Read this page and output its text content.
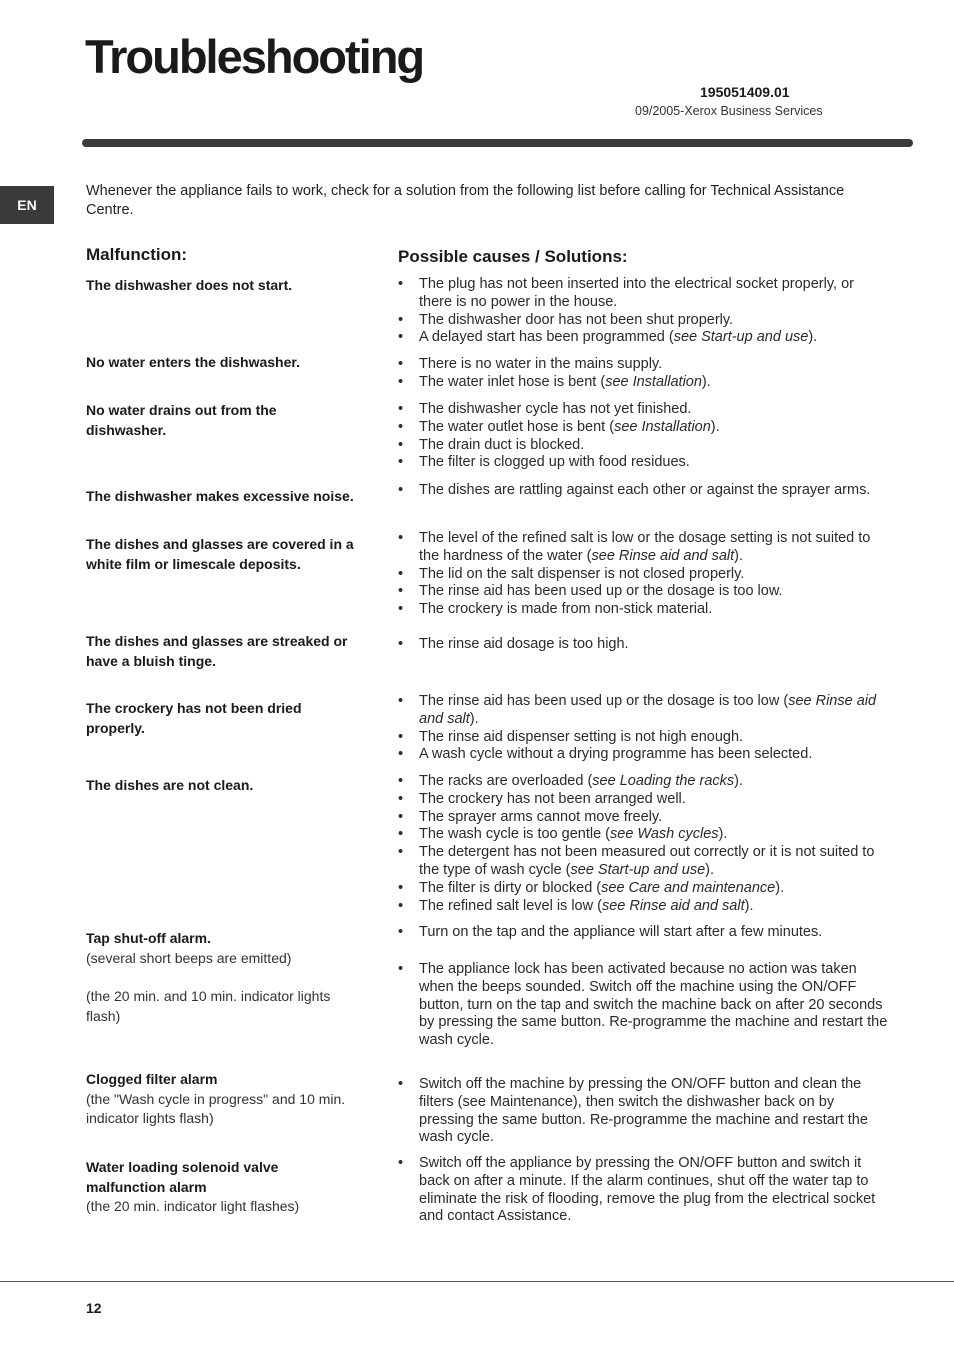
Troubleshooting
195051409.01
09/2005-Xerox Business Services
EN
Whenever the appliance fails to work, check for a solution from the following list before calling for Technical Assistance Centre.
Malfunction:	Possible causes / Solutions:
The dishwasher does not start.	• The plug has not been inserted into the electrical socket properly, or there is no power in the house.
• The dishwasher door has not been shut properly.
• A delayed start has been programmed (see Start-up and use).
No water enters the dishwasher.	• There is no water in the mains supply.
• The water inlet hose is bent (see Installation).
No water drains out from the dishwasher.
• The dishwasher cycle has not yet finished.
• The water outlet hose is bent (see Installation).
• The drain duct is blocked.
• The filter is clogged up with food residues.
The dishwasher makes excessive noise.	• The dishes are rattling against each other or against the sprayer arms.
The dishes and glasses are covered in a white film or limescale deposits.
• The level of the refined salt is low or the dosage setting is not suited to the hardness of the water (see Rinse aid and salt).
• The lid on the salt dispenser is not closed properly.
• The rinse aid has been used up or the dosage is too low.
• The crockery is made from non-stick material.
The dishes and glasses are streaked or have a bluish tinge.
• The rinse aid dosage is too high.
The crockery has not been dried properly.
• The rinse aid has been used up or the dosage is too low (see Rinse aid and salt).
• The rinse aid dispenser setting is not high enough.
• A wash cycle without a drying programme has been selected.
The dishes are not clean.	• The racks are overloaded (see Loading the racks).
• The crockery has not been arranged well.
• The sprayer arms cannot move freely.
• The wash cycle is too gentle (see Wash cycles).
• The detergent has not been measured out correctly or it is not suited to the type of wash cycle (see Start-up and use).
• The filter is dirty or blocked (see Care and maintenance).
• The refined salt level is low (see Rinse aid and salt).
Tap shut-off alarm.
(several short beeps are emitted)
(the 20 min. and 10 min. indicator lights flash)
• Turn on the tap and the appliance will start after a few minutes.
• The appliance lock has been activated because no action was taken when the beeps sounded. Switch off the machine using the ON/OFF button, turn on the tap and switch the machine back on after 20 seconds by pressing the same button. Re-programme the machine and restart the wash cycle.
Clogged filter alarm
(the "Wash cycle in progress" and 10 min. indicator lights flash)
• Switch off the machine by pressing the ON/OFF button and clean the filters (see Maintenance), then switch the dishwasher back on by pressing the same button. Re-programme the machine and restart the wash cycle.
Water loading solenoid valve malfunction alarm
(the 20 min. indicator light flashes)
• Switch off the appliance by pressing the ON/OFF button and switch it back on after a minute. If the alarm continues, shut off the water tap to eliminate the risk of flooding, remove the plug from the electrical socket and contact Assistance.
12
